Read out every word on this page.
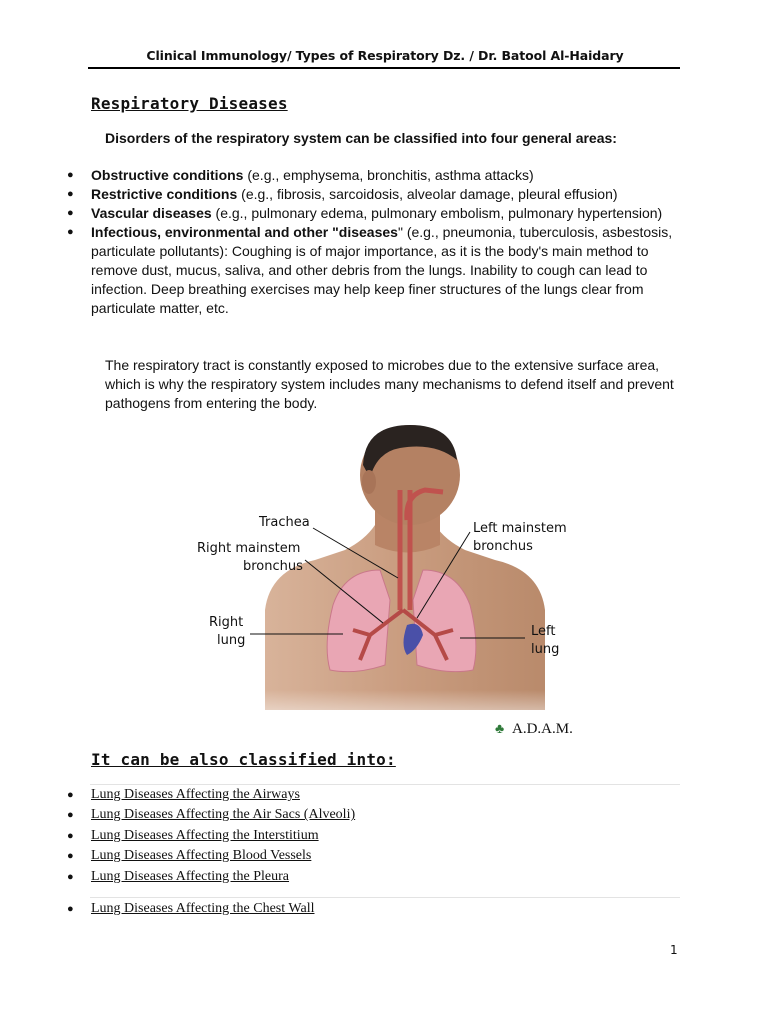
Clinical Immunology/ Types of Respiratory Dz. / Dr. Batool Al-Haidary
Respiratory Diseases
Disorders of the respiratory system can be classified into four general areas:
● Obstructive conditions (e.g., emphysema, bronchitis, asthma attacks)
● Restrictive conditions (e.g., fibrosis, sarcoidosis, alveolar damage, pleural effusion)
● Vascular diseases (e.g., pulmonary edema, pulmonary embolism, pulmonary hypertension)
● Infectious, environmental and other "diseases" (e.g., pneumonia, tuberculosis, asbestosis, particulate pollutants): Coughing is of major importance, as it is the body's main method to remove dust, mucus, saliva, and other debris from the lungs. Inability to cough can lead to infection. Deep breathing exercises may help keep finer structures of the lungs clear from particulate matter, etc.
The respiratory tract is constantly exposed to microbes due to the extensive surface area, which is why the respiratory system includes many mechanisms to defend itself and prevent pathogens from entering the body.
Trachea
Right mainstem
bronchus
Left mainstem
bronchus
Right
lung
Left
lung
♣ A.D.A.M.
It can be also classified into:
● Lung Diseases Affecting the Airways
● Lung Diseases Affecting the Air Sacs (Alveoli)
● Lung Diseases Affecting the Interstitium
● Lung Diseases Affecting Blood Vessels
● Lung Diseases Affecting the Pleura
● Lung Diseases Affecting the Chest Wall
1
